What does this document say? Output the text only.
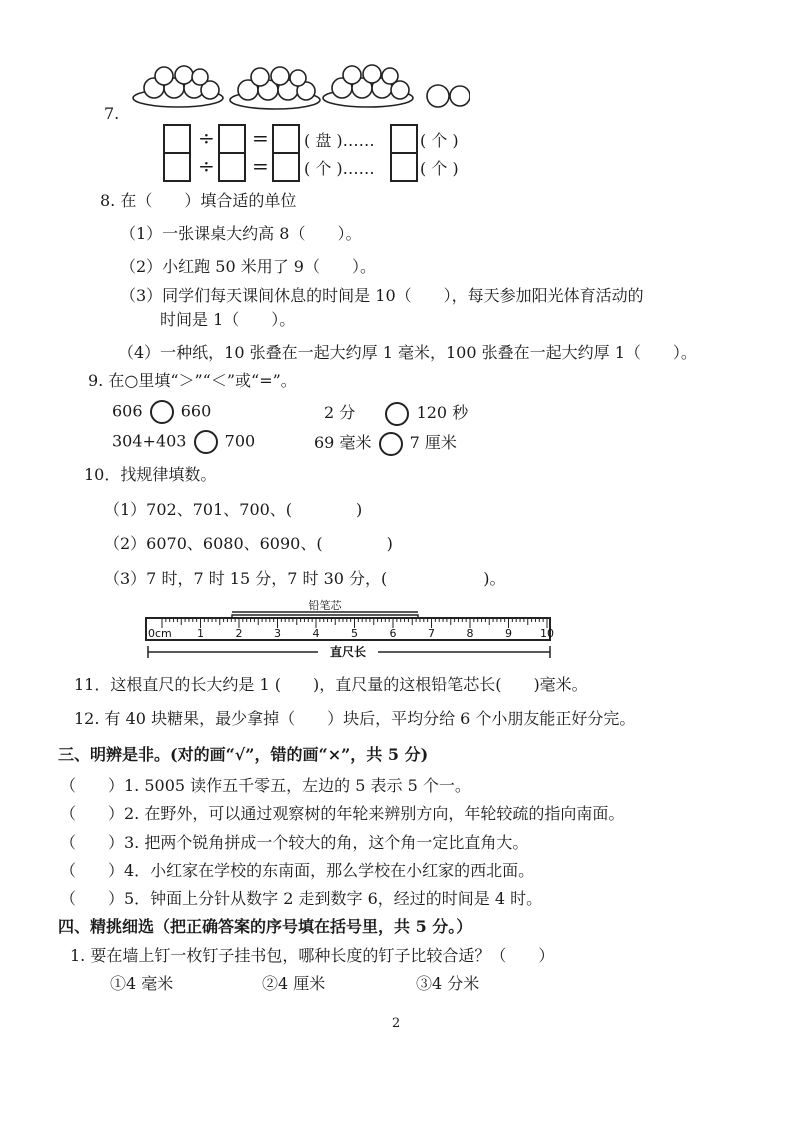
7.
÷ = ( 盘 )……	( 个 )
÷ = ( 个 )……	( 个 )
8. 在（　　）填合适的单位
（1）一张课桌大约高 8（　　）。
（2）小红跑 50 米用了 9（　　）。
（3）同学们每天课间休息的时间是 10（　　），每天参加阳光体育活动的
时间是 1（　　）。
（4）一种纸，10 张叠在一起大约厚 1 毫米，100 张叠在一起大约厚 1（　　）。
9. 在○里填“＞”“＜”或“=”。
606 660	2 分	120 秒
304+403 700	69 毫米 7 厘米
10．找规律填数。
（1）702、701、700、(　　　　)
（2）6070、6080、6090、(　　　　)
（3）7 时，7 时 15 分，7 时 30 分，(　　　　　　)。
铅笔芯
0cm 1	2	3	4	5	6	7	8	9	10
直尺长
11．这根直尺的长大约是 1 (　　)，直尺量的这根铅笔芯长(　　)毫米。
12. 有 40 块糖果，最少拿掉（　　）块后，平均分给 6 个小朋友能正好分完。
三、明辨是非。(对的画“√”，错的画“×”，共 5 分)
（　　）1. 5005 读作五千零五，左边的 5 表示 5 个一。
（　　）2. 在野外，可以通过观察树的年轮来辨别方向，年轮较疏的指向南面。
（　　）3. 把两个锐角拼成一个较大的角，这个角一定比直角大。
（　　）4．小红家在学校的东南面，那么学校在小红家的西北面。
（　　）5．钟面上分针从数字 2 走到数字 6，经过的时间是 4 时。
四、精挑细选（把正确答案的序号填在括号里，共 5 分。）
1. 要在墙上钉一枚钉子挂书包，哪种长度的钉子比较合适？（　　）
①4 毫米	②4 厘米	③4 分米
2
